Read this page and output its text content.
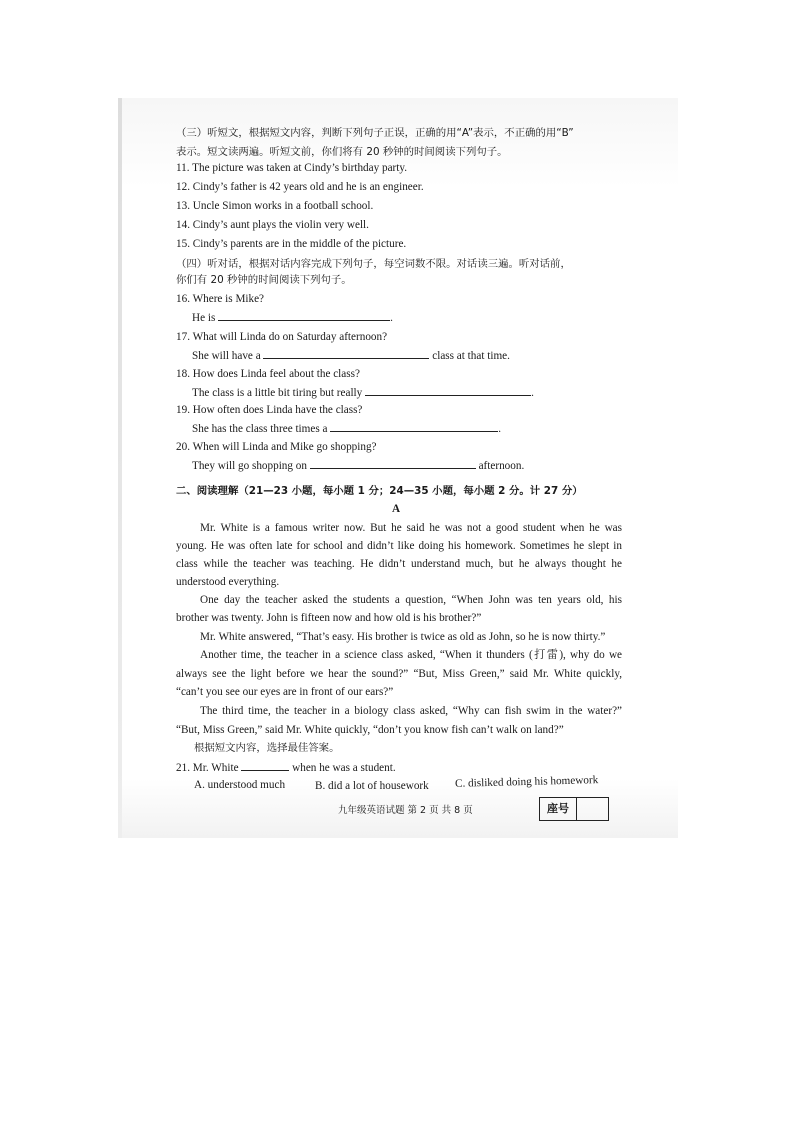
（三）听短文，根据短文内容，判断下列句子正误，正确的用“A”表示，不正确的用“B”
表示。短文读两遍。听短文前，你们将有 20 秒钟的时间阅读下列句子。
11. The picture was taken at Cindy’s birthday party.
12. Cindy’s father is 42 years old and he is an engineer.
13. Uncle Simon works in a football school.
14. Cindy’s aunt plays the violin very well.
15. Cindy’s parents are in the middle of the picture.
（四）听对话，根据对话内容完成下列句子，每空词数不限。对话读三遍。听对话前，
你们有 20 秒钟的时间阅读下列句子。
16. Where is Mike?
He is	.
17. What will Linda do on Saturday afternoon?
She will have a	class at that time.
18. How does Linda feel about the class?
The class is a little bit tiring but really	.
19. How often does Linda have the class?
She has the class three times a	.
20. When will Linda and Mike go shopping?
They will go shopping on	afternoon.
二、阅读理解（21—23 小题，每小题 1 分；24—35 小题，每小题 2 分。计 27 分）
A
Mr. White is a famous writer now. But he said he was not a good student when he was
young. He was often late for school and didn’t like doing his homework. Sometimes he slept in
class while the teacher was teaching. He didn’t understand much, but he always thought he
understood everything.
One day the teacher asked the students a question, “When John was ten years old, his
brother was twenty. John is fifteen now and how old is his brother?”
Mr. White answered, “That’s easy. His brother is twice as old as John, so he is now thirty.”
Another time, the teacher in a science class asked, “When it thunders (打雷), why do we
always see the light before we hear the sound?” “But, Miss Green,” said Mr. White quickly,
“can’t you see our eyes are in front of our ears?”
The third time, the teacher in a biology class asked, “Why can fish swim in the water?”
“But, Miss Green,” said Mr. White quickly, “don’t you know fish can’t walk on land?”
根据短文内容，选择最佳答案。
21. Mr. White	when he was a student.
A. understood much	B. did a lot of housework C. disliked doing his homework
九年级英语试题 第 2 页 共 8 页	座号
